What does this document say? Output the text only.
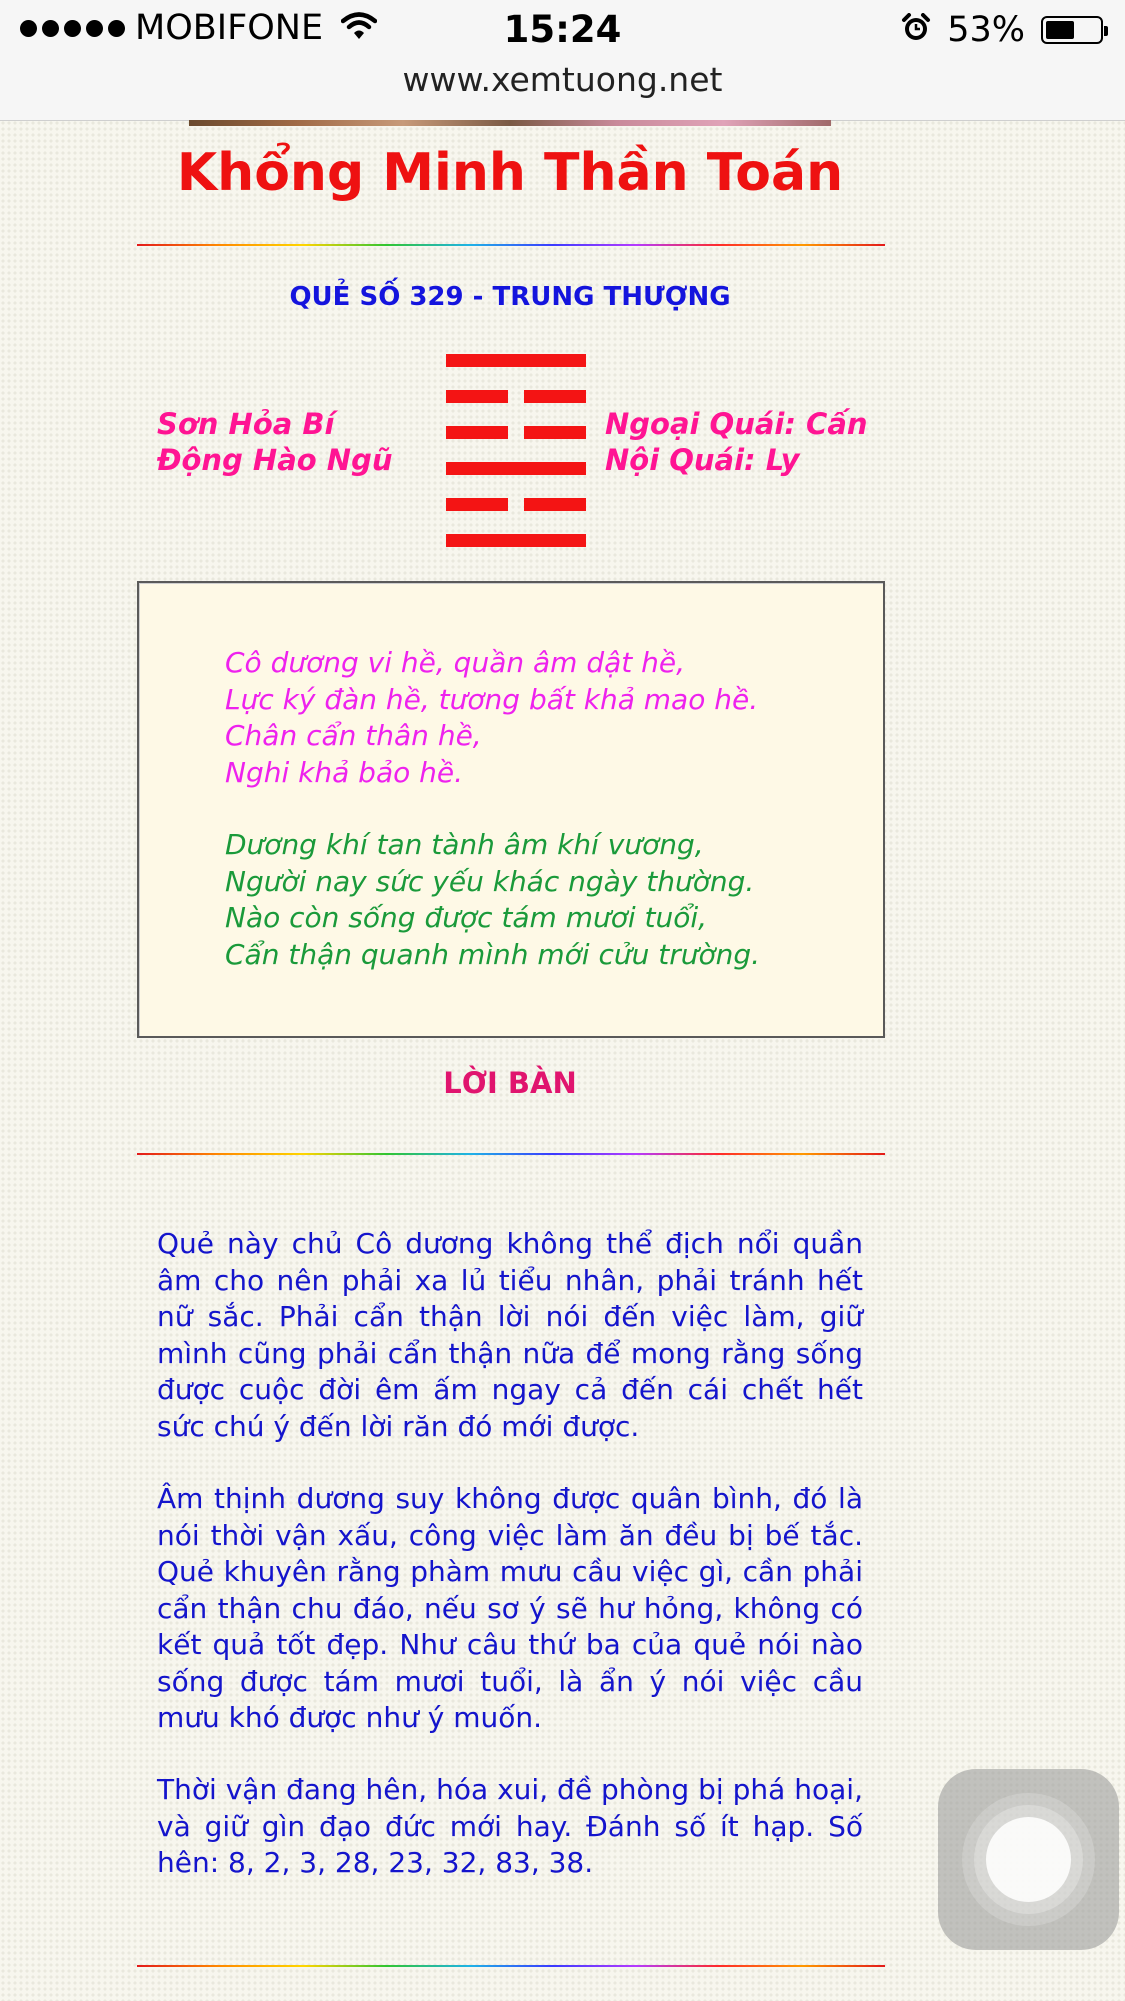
MOBIFONE	15:24	53%
www.xemtuong.net
Khổng Minh Thần Toán
QUẺ SỐ 329 - TRUNG THƯỢNG
Sơn Hỏa Bí
Động Hào Ngũ
Ngoại Quái: Cấn
Nội Quái: Ly
Cô dương vi hề, quần âm dật hề,
Lực ký đàn hề, tương bất khả mao hề.
Chân cẩn thân hề,
Nghi khả bảo hề.
Dương khí tan tành âm khí vương,
Người nay sức yếu khác ngày thường.
Nào còn sống được tám mươi tuổi,
Cẩn thận quanh mình mới cửu trường.
LỜI BÀN

Quẻ này chủ Cô dương không thể địch nổi quần âm cho nên phải xa lủ tiểu nhân, phải tránh hết nữ sắc. Phải cẩn thận lời nói đến việc làm, giữ mình cũng phải cẩn thận nữa để mong rằng sống được cuộc đời êm ấm ngay cả đến cái chết hết sức chú ý đến lời răn đó mới được.

Âm thịnh dương suy không được quân bình, đó là nói thời vận xấu, công việc làm ăn đều bị bế tắc. Quẻ khuyên rằng phàm mưu cầu việc gì, cần phải cẩn thận chu đáo, nếu sơ ý sẽ hư hỏng, không có kết quả tốt đẹp. Như câu thứ ba của quẻ nói nào sống được tám mươi tuổi, là ẩn ý nói việc cầu mưu khó được như ý muốn.

Thời vận đang hên, hóa xui, đề phòng bị phá hoại, và giữ gìn đạo đức mới hay. Đánh số ít hạp. Số hên: 8, 2, 3, 28, 23, 32, 83, 38.
